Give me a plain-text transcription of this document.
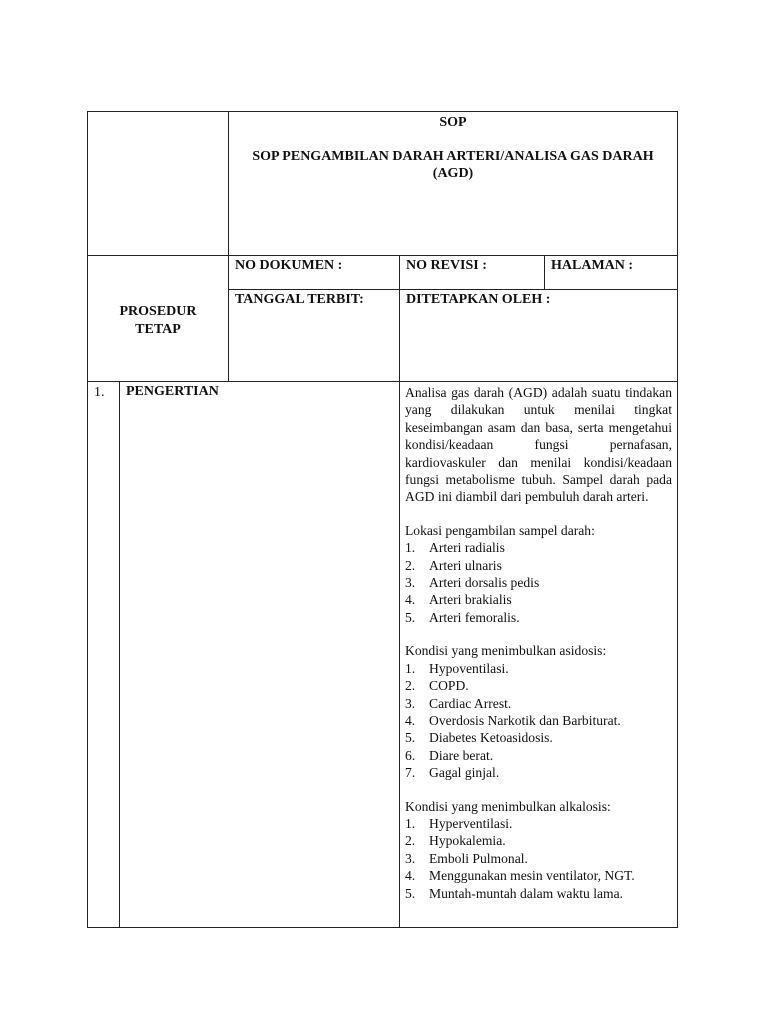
SOP
SOP PENGAMBILAN DARAH ARTERI/ANALISA GAS DARAH (AGD)
PROSEDUR
TETAP
NO DOKUMEN :	NO REVISI :	HALAMAN :
TANGGAL TERBIT:	DITETAPKAN OLEH :
1.	PENGERTIAN	Analisa gas darah (AGD) adalah suatu tindakan yang dilakukan untuk menilai tingkat keseimbangan asam dan basa, serta mengetahui kondisi/keadaan fungsi pernafasan, kardiovaskuler dan menilai kondisi/keadaan fungsi metabolisme tubuh. Sampel darah pada AGD ini diambil dari pembuluh darah arteri.
Lokasi pengambilan sampel darah:
1.	Arteri radialis
2.	Arteri ulnaris
3.	Arteri dorsalis pedis
4.	Arteri brakialis
5.	Arteri femoralis.
Kondisi yang menimbulkan asidosis:
1.	Hypoventilasi.
2.	COPD.
3.	Cardiac Arrest.
4.	Overdosis Narkotik dan Barbiturat.
5.	Diabetes Ketoasidosis.
6.	Diare berat.
7.	Gagal ginjal.
Kondisi yang menimbulkan alkalosis:
1.	Hyperventilasi.
2.	Hypokalemia.
3.	Emboli Pulmonal.
4.	Menggunakan mesin ventilator, NGT.
5.	Muntah-muntah dalam waktu lama.
